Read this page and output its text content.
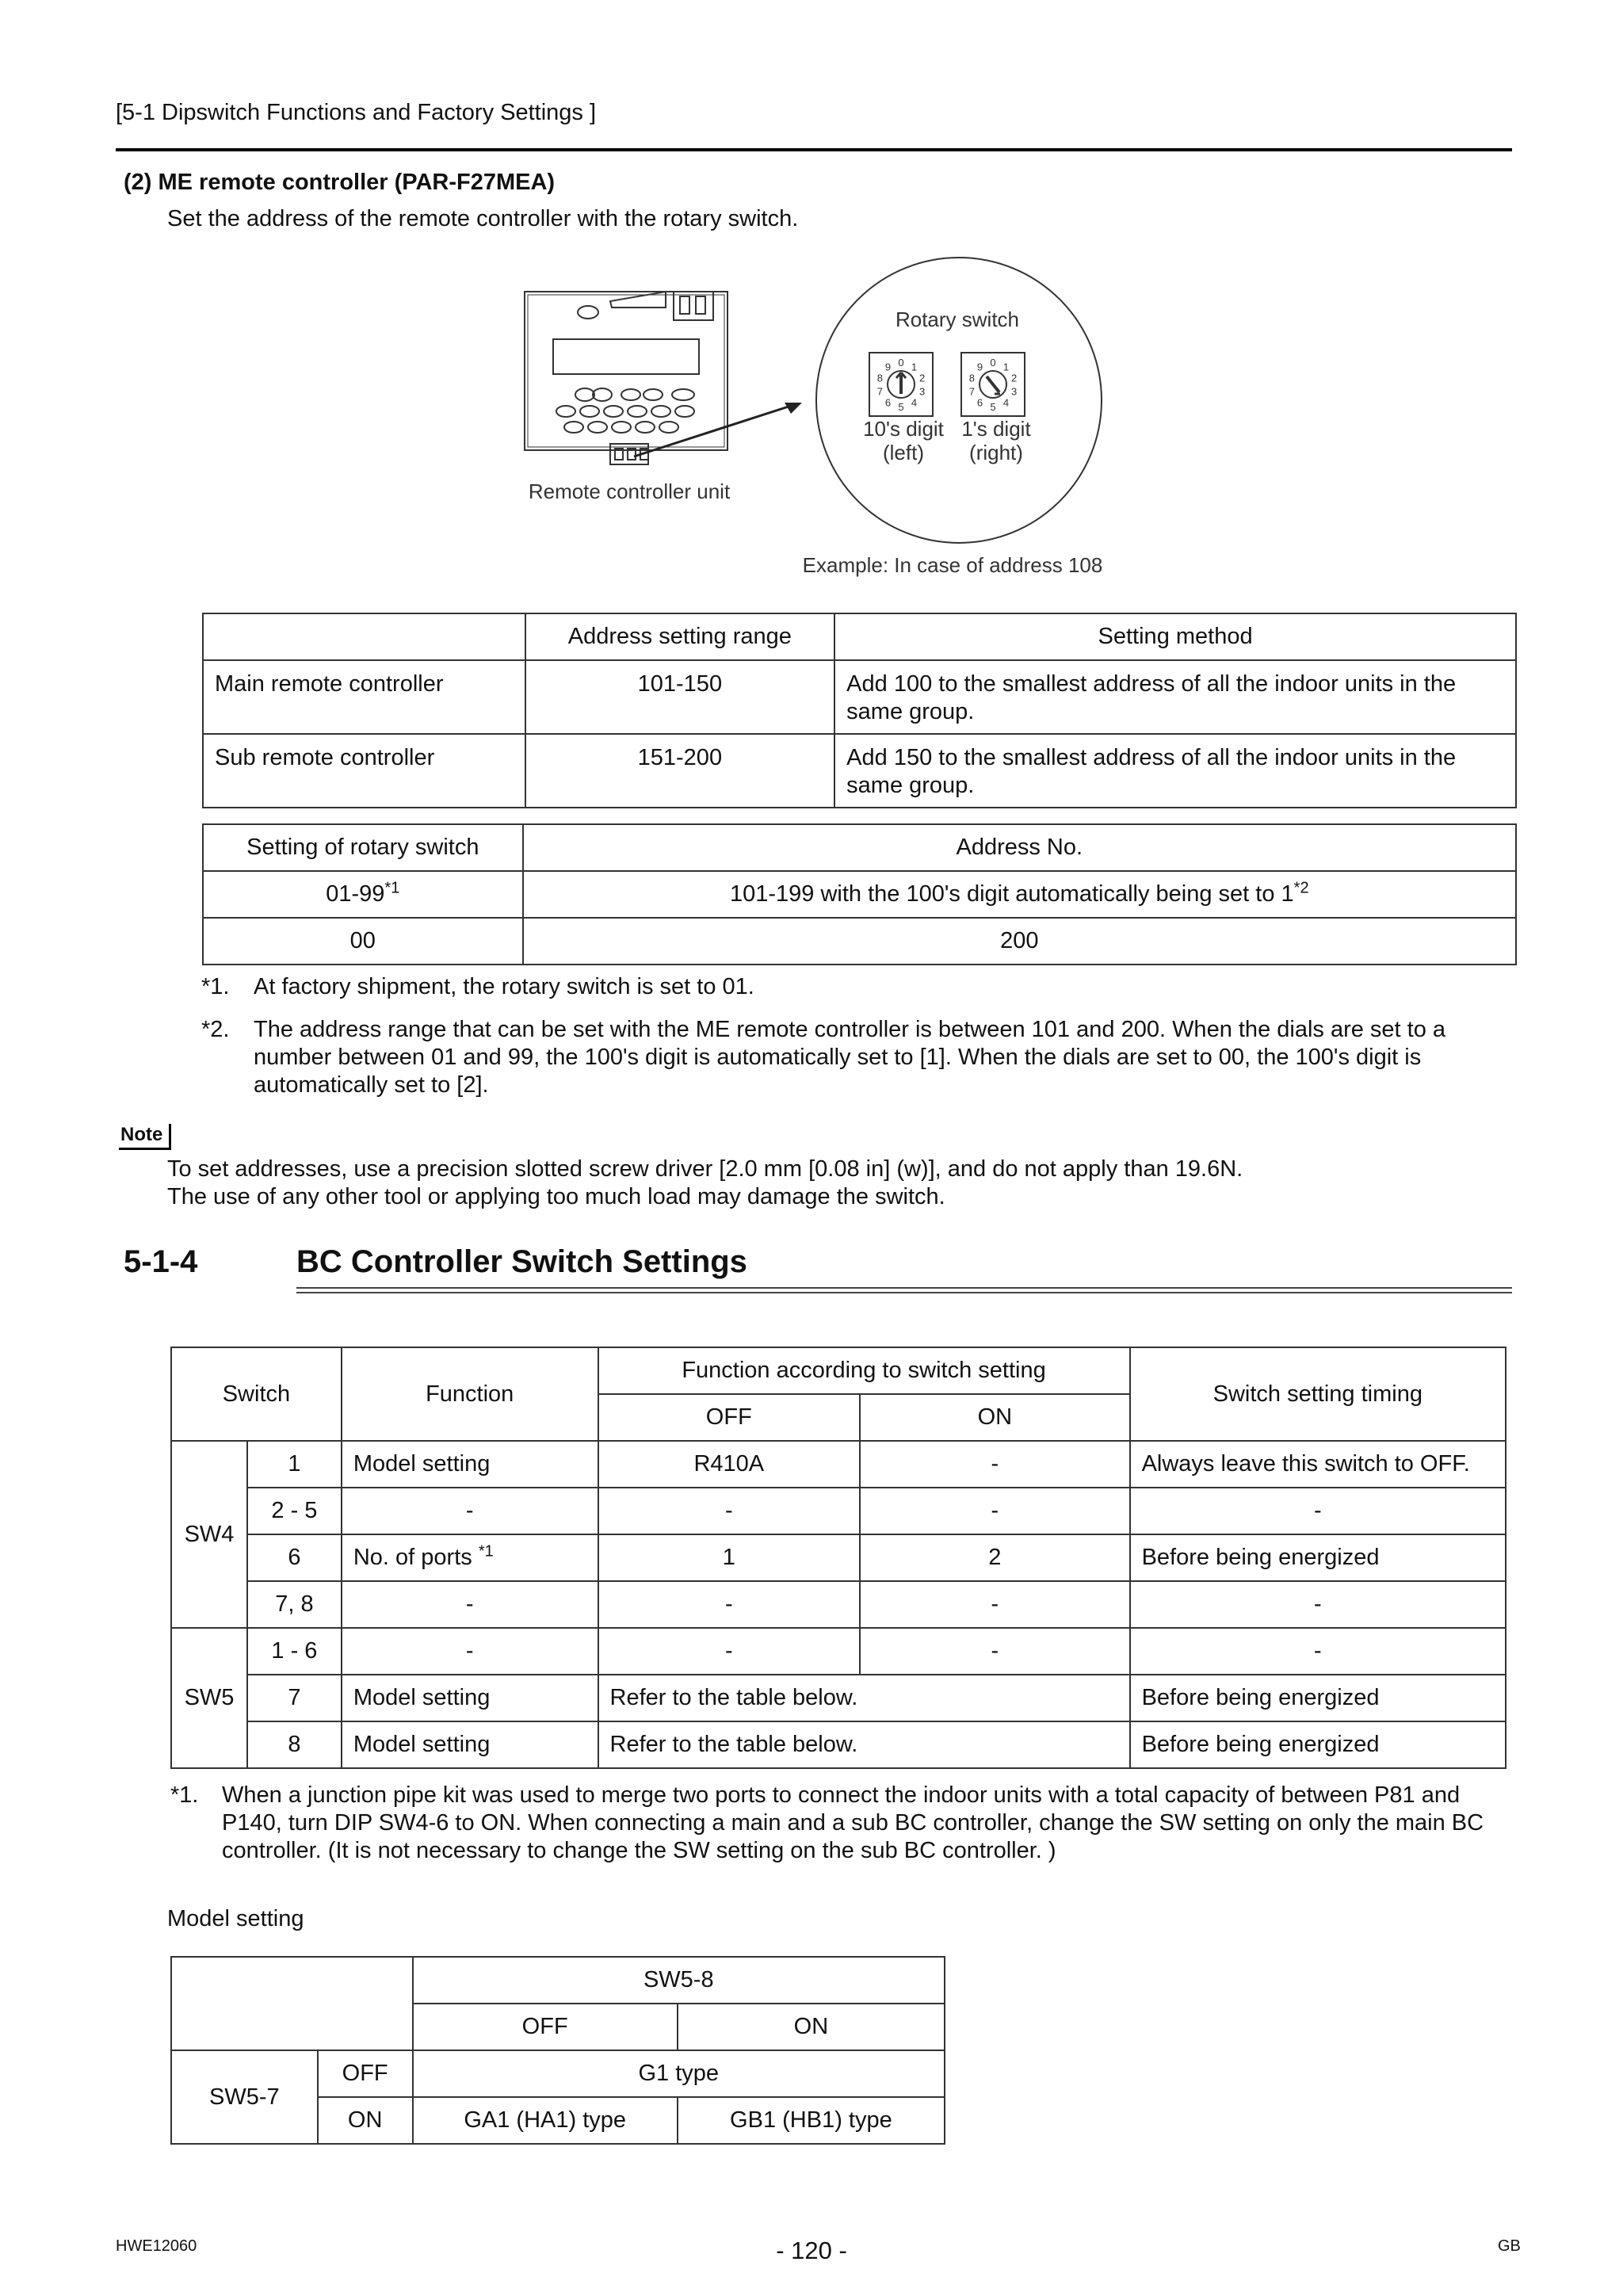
[5-1 Dipswitch Functions and Factory Settings ]
(2) ME remote controller (PAR-F27MEA)
Set the address of the remote controller with the rotary switch.
Remote controller unit
Rotary switch
0 1
2
3
4
5
6
7
8
9	0 1
2
3
4
5
6
7
8
9
10's digit
(left)
1's digit
(right)
Example: In case of address 108
	Address setting range	Setting method
Main remote controller	101-150	Add 100 to the smallest address of all the indoor units in the same group.
Sub remote controller	151-200	Add 150 to the smallest address of all the indoor units in the same group.
Setting of rotary switch	Address No.
01-99$^{*1}$	101-199 with the 100's digit automatically being set to 1$^{*2}$
00	200
*1. At factory shipment, the rotary switch is set to 01.
*2. The address range that can be set with the ME remote controller is between 101 and 200. When the dials are set to a number between 01 and 99, the 100's digit is automatically set to [1]. When the dials are set to 00, the 100's digit is automatically set to [2].
Note
To set addresses, use a precision slotted screw driver [2.0 mm [0.08 in] (w)], and do not apply than 19.6N.
The use of any other tool or applying too much load may damage the switch.
5-1-4	BC Controller Switch Settings
Switch		Function	Function according to switch setting		Switch setting timing
			OFF	ON	
SW4	1	Model setting	R410A	-	Always leave this switch to OFF.
	2 - 5	-	-	-	-
	6	No. of ports $^{*1}$	1	2	Before being energized
	7, 8	-	-	-	-
SW5	1 - 6	-	-	-	-
	7	Model setting	Refer to the table below.		Before being energized
	8	Model setting	Refer to the table below.		Before being energized
*1. When a junction pipe kit was used to merge two ports to connect the indoor units with a total capacity of between P81 and P140, turn DIP SW4-6 to ON. When connecting a main and a sub BC controller, change the SW setting on only the main BC controller. (It is not necessary to change the SW setting on the sub BC controller. )
Model setting
		SW5-8	
		OFF	ON
SW5-7	OFF	G1 type	
	ON	GA1 (HA1) type	GB1 (HB1) type
HWE12060	- 120 -	GB
